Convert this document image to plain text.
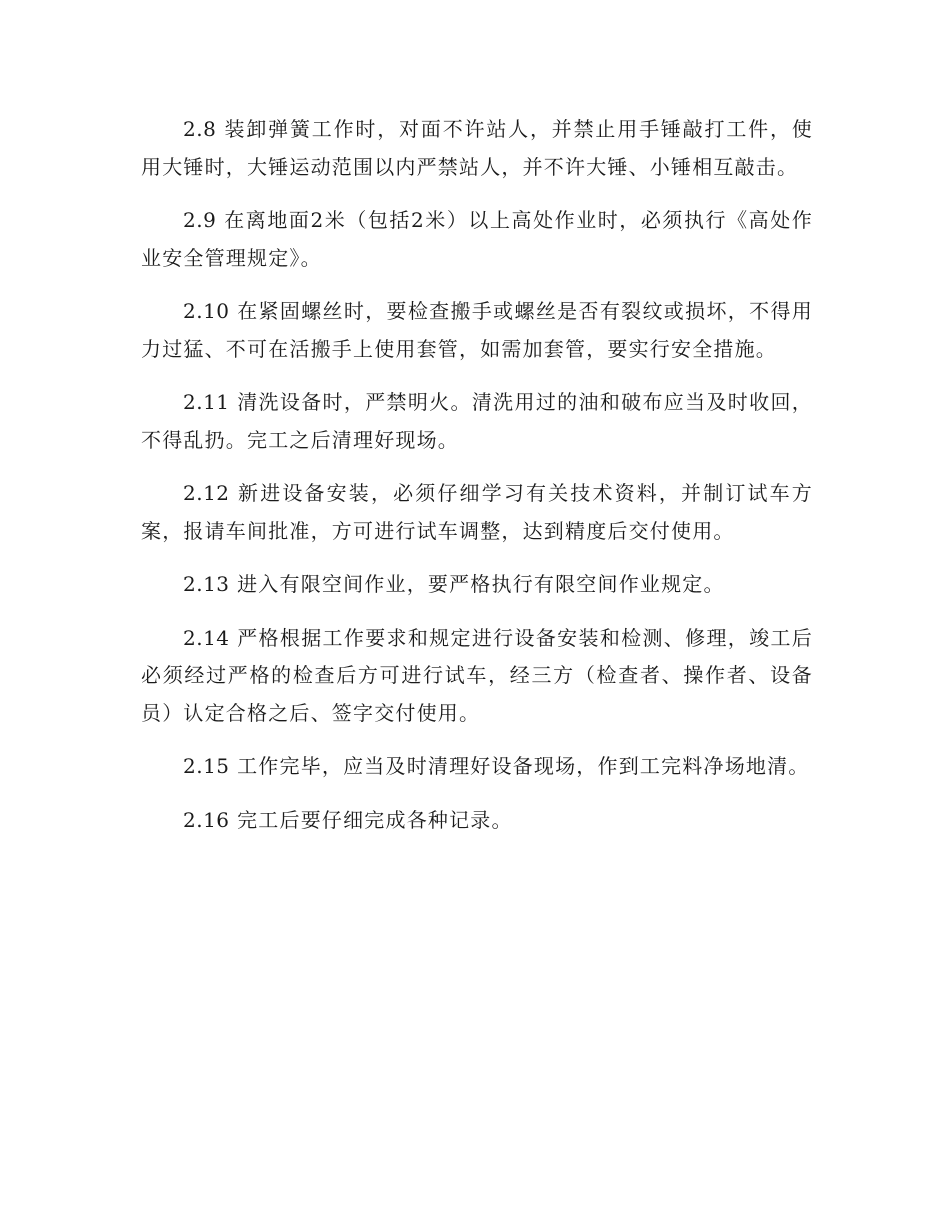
2.8 装卸弹簧工作时，对面不许站人，并禁止用手锤敲打工件，使用大锤时，大锤运动范围以内严禁站人，并不许大锤、小锤相互敲击。

2.9 在离地面2米（包括2米）以上高处作业时，必须执行《高处作业安全管理规定》。

2.10 在紧固螺丝时，要检查搬手或螺丝是否有裂纹或损坏，不得用力过猛、不可在活搬手上使用套管，如需加套管，要实行安全措施。

2.11 清洗设备时，严禁明火。清洗用过的油和破布应当及时收回，不得乱扔。完工之后清理好现场。

2.12 新进设备安装，必须仔细学习有关技术资料，并制订试车方案，报请车间批准，方可进行试车调整，达到精度后交付使用。

2.13 进入有限空间作业，要严格执行有限空间作业规定。

2.14 严格根据工作要求和规定进行设备安装和检测、修理，竣工后必须经过严格的检查后方可进行试车，经三方（检查者、操作者、设备员）认定合格之后、签字交付使用。

2.15 工作完毕，应当及时清理好设备现场，作到工完料净场地清。

2.16 完工后要仔细完成各种记录。
